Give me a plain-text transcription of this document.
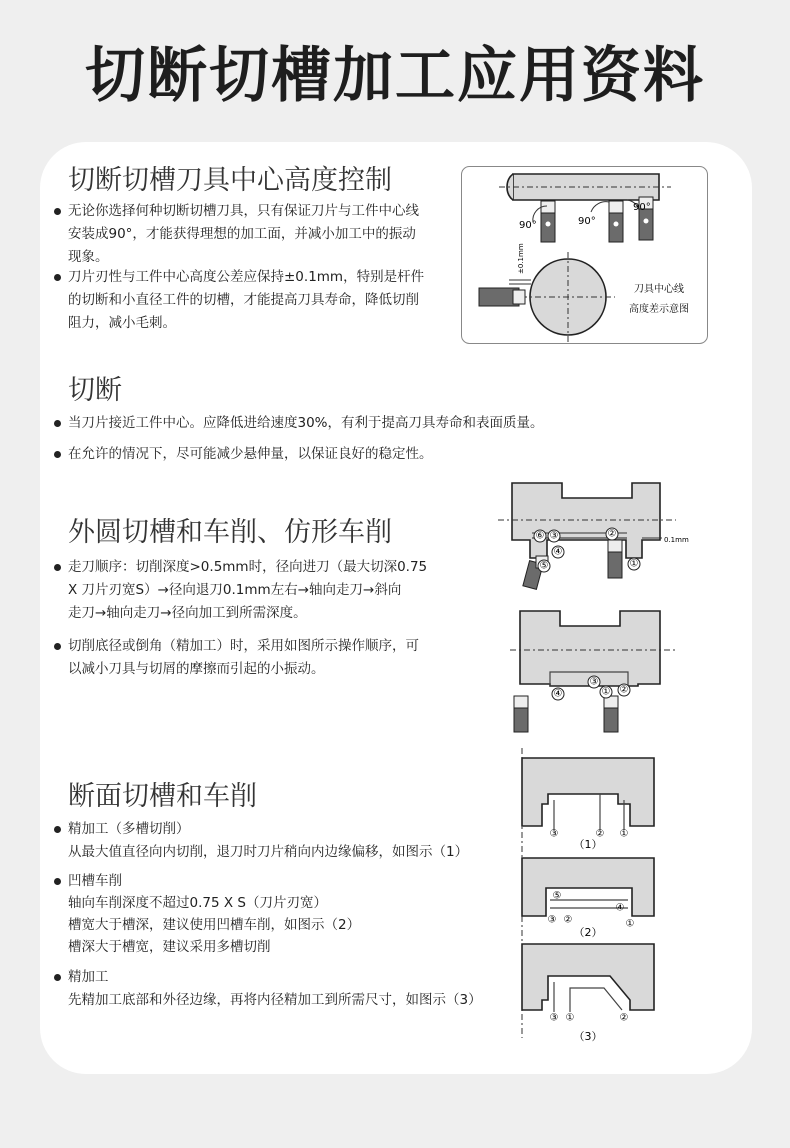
切断切槽加工应用资料
切断切槽刀具中心高度控制

无论你选择何种切断切槽刀具，只有保证刀片与工件中心线
安装成90°，才能获得理想的加工面，并减小加工中的振动
现象。

刀片刃性与工件中心高度公差应保持±0.1mm，特别是杆件
的切断和小直径工件的切槽，才能提高刀具寿命，降低切削
阻力，减小毛刺。

90°	90°
90°
±0.1mm
刀具中心线
高度差示意图
切断

当刀片接近工件中心。应降低进给速度30%，有利于提高刀具寿命和表面质量。

在允许的情况下，尽可能减少悬伸量，以保证良好的稳定性。

外圆切槽和车削、仿形车削

走刀顺序：切削深度>0.5mm时，径向进刀（最大切深0.75
X 刀片刃宽S）→径向退刀0.1mm左右→轴向走刀→斜向
走刀→轴向走刀→径向加工到所需深度。

切削底径或倒角（精加工）时，采用如图所示操作顺序，可
以减小刀具与切屑的摩擦而引起的小振动。

0.1mm
⑥ ③
④
②
⑤	①
④
③
① ②
断面切槽和车削

精加工（多槽切削）

从最大值直径向内切削，退刀时刀片稍向内边缘偏移，如图示（1）

凹槽车削

轴向车削深度不超过0.75 X S（刀片刃宽）

槽宽大于槽深，建议使用凹槽车削，如图示（2）

槽深大于槽宽，建议采用多槽切削

精加工

先精加工底部和外径边缘，再将内径精加工到所需尺寸，如图示（3）

③	② ①
（1）
⑤
④
③ ②	①
（2）
③ ①	②
（3）
